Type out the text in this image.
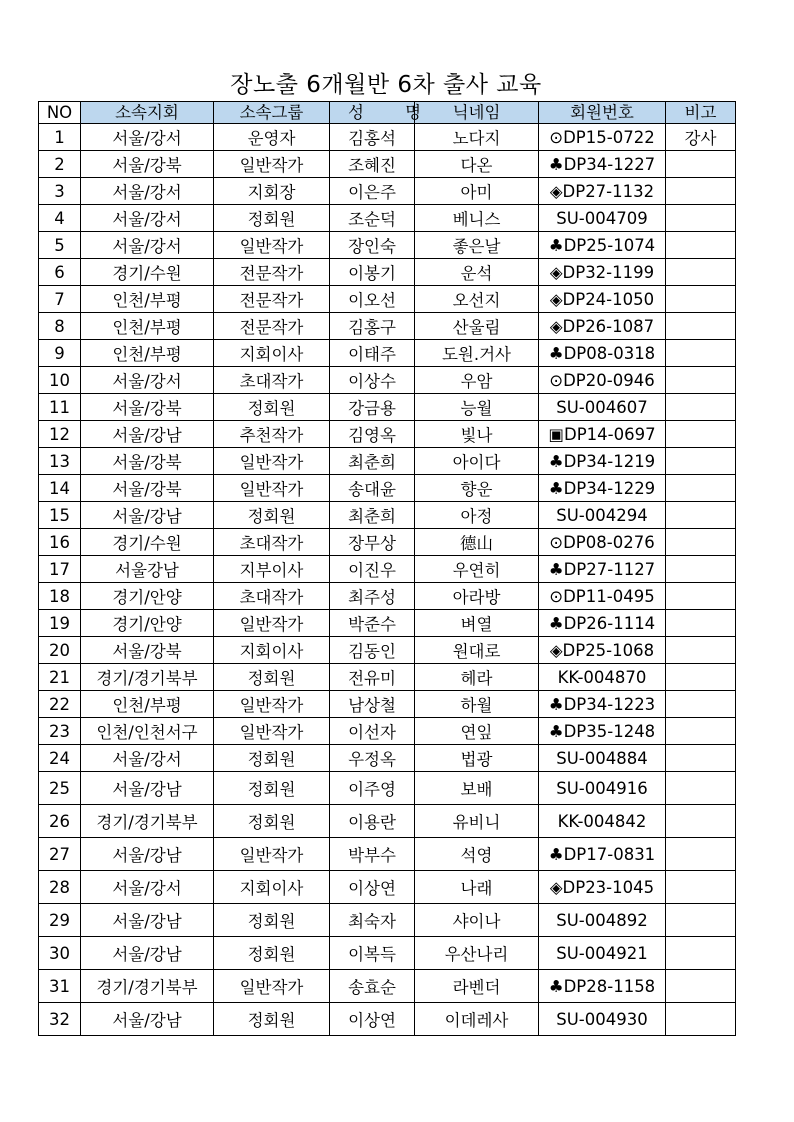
장노출 6개월반 6차 출사 교육
NO	소속지회	소속그룹	성 명	닉네임	회원번호	비고
1	서울/강서	운영자	김홍석	노다지	⊙DP15-0722	강사
2	서울/강북	일반작가	조혜진	다온	♣DP34-1227	
3	서울/강서	지회장	이은주	아미	◈DP27-1132	
4	서울/강서	정회원	조순덕	베니스	SU-004709	
5	서울/강서	일반작가	장인숙	좋은날	♣DP25-1074	
6	경기/수원	전문작가	이봉기	운석	◈DP32-1199	
7	인천/부평	전문작가	이오선	오선지	◈DP24-1050	
8	인천/부평	전문작가	김홍구	산울림	◈DP26-1087	
9	인천/부평	지회이사	이태주	도원.거사	♣DP08-0318	
10	서울/강서	초대작가	이상수	우암	⊙DP20-0946	
11	서울/강북	정회원	강금용	능월	SU-004607	
12	서울/강남	추천작가	김영옥	빛나	▣DP14-0697	
13	서울/강북	일반작가	최춘희	아이다	♣DP34-1219	
14	서울/강북	일반작가	송대윤	향운	♣DP34-1229	
15	서울/강남	정회원	최춘희	아정	SU-004294	
16	경기/수원	초대작가	장무상	德山	⊙DP08-0276	
17	서울강남	지부이사	이진우	우연히	♣DP27-1127	
18	경기/안양	초대작가	최주성	아라방	⊙DP11-0495	
19	경기/안양	일반작가	박준수	벼열	♣DP26-1114	
20	서울/강북	지회이사	김동인	원대로	◈DP25-1068	
21	경기/경기북부	정회원	전유미	헤라	KK-004870	
22	인천/부평	일반작가	남상철	하월	♣DP34-1223	
23	인천/인천서구	일반작가	이선자	연잎	♣DP35-1248	
24	서울/강서	정회원	우정옥	법광	SU-004884	
25	서울/강남	정회원	이주영	보배	SU-004916	
26	경기/경기북부	정회원	이용란	유비니	KK-004842	
27	서울/강남	일반작가	박부수	석영	♣DP17-0831	
28	서울/강서	지회이사	이상연	나래	◈DP23-1045	
29	서울/강남	정회원	최숙자	샤이나	SU-004892	
30	서울/강남	정회원	이복득	우산나리	SU-004921	
31	경기/경기북부	일반작가	송효순	라벤더	♣DP28-1158	
32	서울/강남	정회원	이상연	이데레사	SU-004930	
